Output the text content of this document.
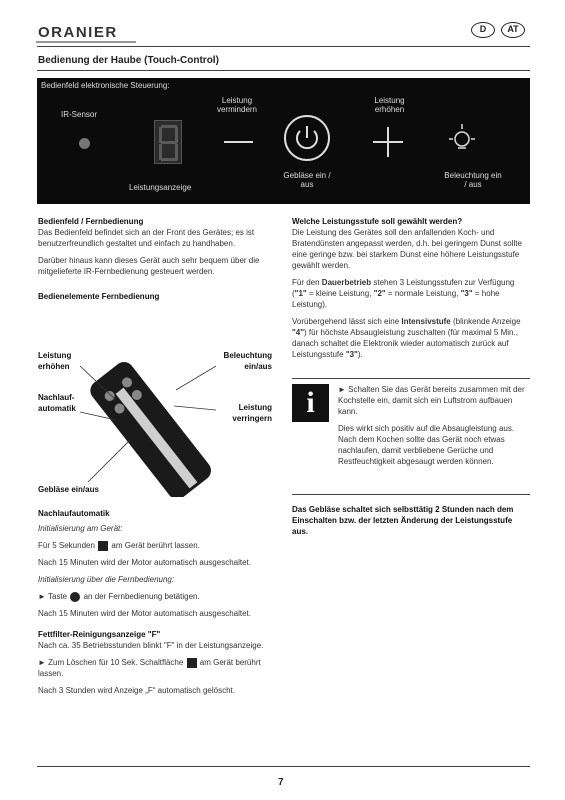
ORANIER	D	AT
Bedienung der Haube (Touch-Control)
Bedienfeld elektronische Steuerung:
IR-Sensor
Leistungsanzeige
Leistung vermindern
Gebläse ein / aus
Leistung erhöhen
Beleuchtung ein / aus
Bedienfeld / Fernbedienung

Das Bedienfeld befindet sich an der Front des Gerätes; es ist benutzerfreundlich gestaltet und einfach zu handhaben.

Darüber hinaus kann dieses Gerät auch sehr bequem über die mitgelieferte IR-Fernbedienung gesteuert werden.

Bedienelemente Fernbedienung
Leistung erhöhen
Nachlauf- automatik
Beleuchtung ein/aus
Leistung verringern
Gebläse ein/aus
Nachlaufautomatik

Initialisierung am Gerät:

Für 5 Sekunden am Gerät berührt lassen.

Nach 15 Minuten wird der Motor automatisch ausgeschaltet.

Initialisierung über die Fernbedienung:

► Taste an der Fernbedienung betätigen.

Nach 15 Minuten wird der Motor automatisch ausgeschaltet.

Fettfilter-Reinigungsanzeige "F"

Nach ca. 35 Betriebsstunden blinkt "F" in der Leistungsanzeige.

► Zum Löschen für 10 Sek. Schaltfläche am Gerät berührt lassen.

Nach 3 Stunden wird Anzeige „F“ automatisch gelöscht.

Welche Leistungsstufe soll gewählt werden?

Die Leistung des Gerätes soll den anfallenden Koch- und Bratendünsten angepasst werden, d.h. bei geringem Dunst sollte eine geringe bzw. bei starkem Dunst eine höhere Leistungsstufe gewählt werden.

Für den Dauerbetrieb stehen 3 Leistungsstufen zur Verfügung ("1" = kleine Leistung, "2" = normale Leistung, "3" = hohe Leistung).

Vorübergehend lässt sich eine Intensivstufe (blinkende Anzeige "4") für höchste Absaugleistung zuschalten (für maximal 5 Min., danach schaltet die Elektronik wieder automatisch zurück auf Leistungsstufe "3").

i	► Schalten Sie das Gerät bereits zusammen mit der Kochstelle ein, damit sich ein Luftstrom aufbauen kann.

Dies wirkt sich positiv auf die Absaugleistung aus. Nach dem Kochen sollte das Gerät noch etwas nachlaufen, damit verbliebene Gerüche und Restfeuchtigkeit abgesaugt werden können.

Das Gebläse schaltet sich selbsttätig 2 Stunden nach dem Einschalten bzw. der letzten Änderung der Leistungsstufe aus.
7
